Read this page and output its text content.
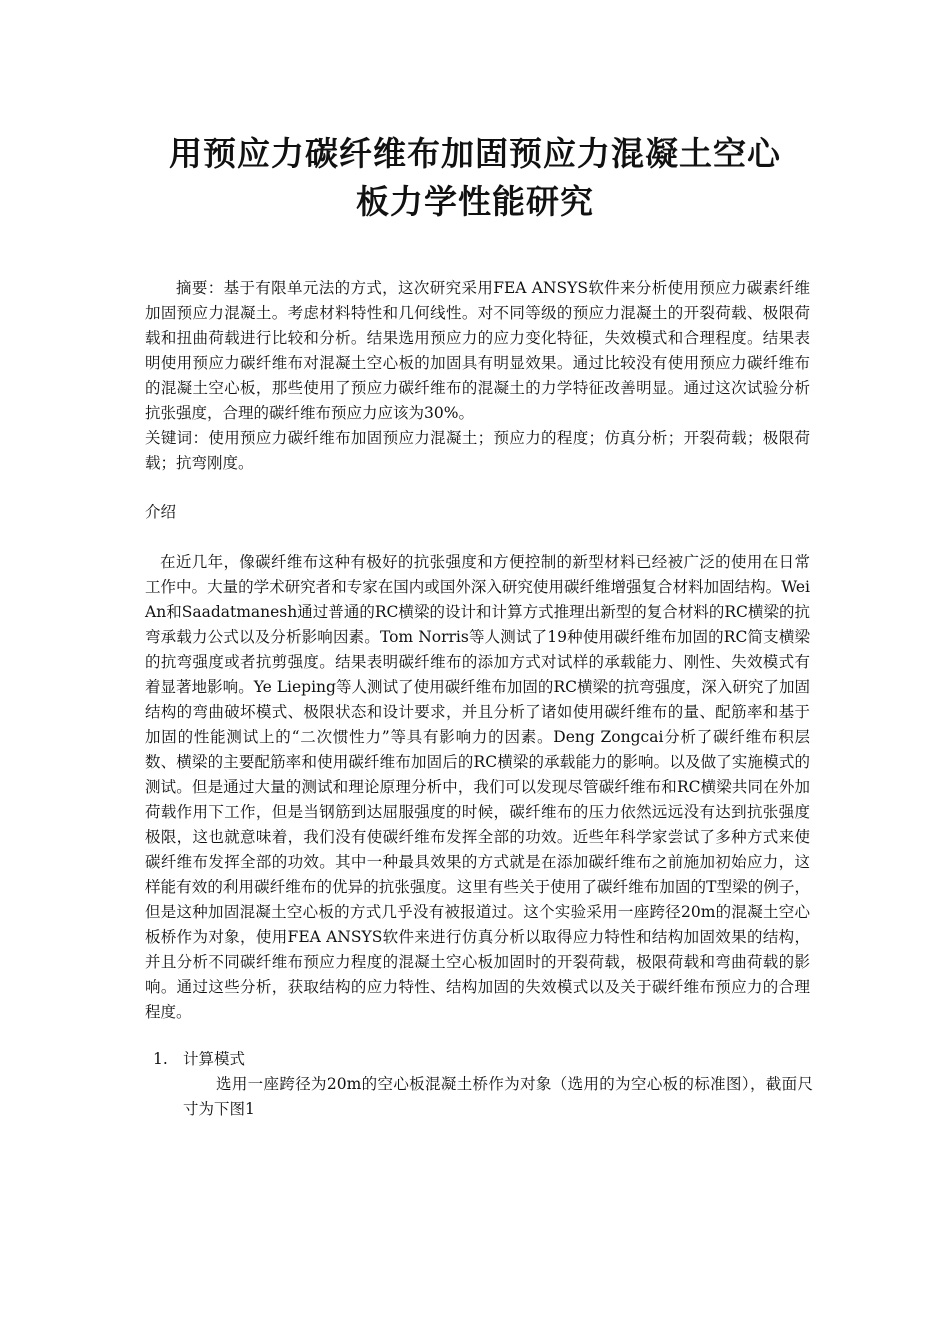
用预应力碳纤维布加固预应力混凝土空心
板力学性能研究

摘要：基于有限单元法的方式，这次研究采用FEA ANSYS软件来分析使用预应力碳素纤维加固预应力混凝土。考虑材料特性和几何线性。对不同等级的预应力混凝土的开裂荷载、极限荷载和扭曲荷载进行比较和分析。结果选用预应力的应力变化特征，失效模式和合理程度。结果表明使用预应力碳纤维布对混凝土空心板的加固具有明显效果。通过比较没有使用预应力碳纤维布的混凝土空心板，那些使用了预应力碳纤维布的混凝土的力学特征改善明显。通过这次试验分析抗张强度，合理的碳纤维布预应力应该为30%。

关键词：使用预应力碳纤维布加固预应力混凝土；预应力的程度；仿真分析；开裂荷载；极限荷载；抗弯刚度。

介绍

在近几年，像碳纤维布这种有极好的抗张强度和方便控制的新型材料已经被广泛的使用在日常工作中。大量的学术研究者和专家在国内或国外深入研究使用碳纤维增强复合材料加固结构。Wei An和Saadatmanesh通过普通的RC横梁的设计和计算方式推理出新型的复合材料的RC横梁的抗弯承载力公式以及分析影响因素。Tom Norris等人测试了19种使用碳纤维布加固的RC简支横梁的抗弯强度或者抗剪强度。结果表明碳纤维布的添加方式对试样的承载能力、刚性、失效模式有着显著地影响。Ye Lieping等人测试了使用碳纤维布加固的RC横梁的抗弯强度，深入研究了加固结构的弯曲破坏模式、极限状态和设计要求，并且分析了诸如使用碳纤维布的量、配筋率和基于加固的性能测试上的“二次惯性力”等具有影响力的因素。Deng Zongcai分析了碳纤维布积层数、横梁的主要配筋率和使用碳纤维布加固后的RC横梁的承载能力的影响。以及做了实施模式的测试。但是通过大量的测试和理论原理分析中，我们可以发现尽管碳纤维布和RC横梁共同在外加荷载作用下工作，但是当钢筋到达屈服强度的时候，碳纤维布的压力依然远远没有达到抗张强度极限，这也就意味着，我们没有使碳纤维布发挥全部的功效。近些年科学家尝试了多种方式来使碳纤维布发挥全部的功效。其中一种最具效果的方式就是在添加碳纤维布之前施加初始应力，这样能有效的利用碳纤维布的优异的抗张强度。这里有些关于使用了碳纤维布加固的T型梁的例子，但是这种加固混凝土空心板的方式几乎没有被报道过。这个实验采用一座跨径20m的混凝土空心板桥作为对象，使用FEA ANSYS软件来进行仿真分析以取得应力特性和结构加固效果的结构，并且分析不同碳纤维布预应力程度的混凝土空心板加固时的开裂荷载，极限荷载和弯曲荷载的影响。通过这些分析，获取结构的应力特性、结构加固的失效模式以及关于碳纤维布预应力的合理程度。

1. 计算模式

选用一座跨径为20m的空心板混凝土桥作为对象（选用的为空心板的标准图），截面尺寸为下图1
